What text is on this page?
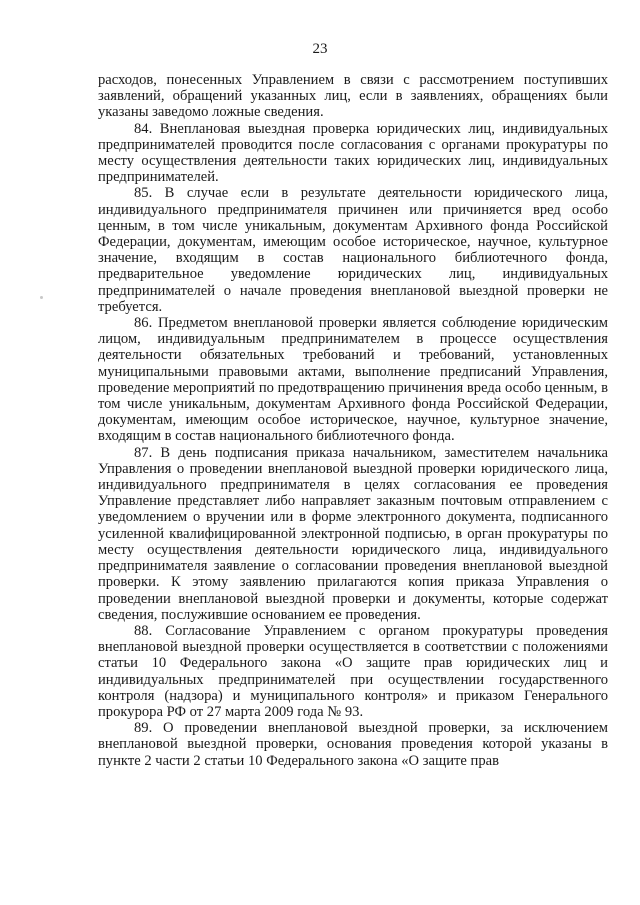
23

расходов, понесенных Управлением в связи с рассмотрением поступивших заявлений, обращений указанных лиц, если в заявлениях, обращениях были указаны заведомо ложные сведения.

84. Внеплановая выездная проверка юридических лиц, индивидуальных предпринимателей проводится после согласования с органами прокуратуры по месту осуществления деятельности таких юридических лиц, индивидуальных предпринимателей.

85. В случае если в результате деятельности юридического лица, индивидуального предпринимателя причинен или причиняется вред особо ценным, в том числе уникальным, документам Архивного фонда Российской Федерации, документам, имеющим особое историческое, научное, культурное значение, входящим в состав национального библиотечного фонда, предварительное уведомление юридических лиц, индивидуальных предпринимателей о начале проведения внеплановой выездной проверки не требуется.

86. Предметом внеплановой проверки является соблюдение юридическим лицом, индивидуальным предпринимателем в процессе осуществления деятельности обязательных требований и требований, установленных муниципальными правовыми актами, выполнение предписаний Управления, проведение мероприятий по предотвращению причинения вреда особо ценным, в том числе уникальным, документам Архивного фонда Российской Федерации, документам, имеющим особое историческое, научное, культурное значение, входящим в состав национального библиотечного фонда.

87. В день подписания приказа начальником, заместителем начальника Управления о проведении внеплановой выездной проверки юридического лица, индивидуального предпринимателя в целях согласования ее проведения Управление представляет либо направляет заказным почтовым отправлением с уведомлением о вручении или в форме электронного документа, подписанного усиленной квалифицированной электронной подписью, в орган прокуратуры по месту осуществления деятельности юридического лица, индивидуального предпринимателя заявление о согласовании проведения внеплановой выездной проверки. К этому заявлению прилагаются копия приказа Управления о проведении внеплановой выездной проверки и документы, которые содержат сведения, послужившие основанием ее проведения.

88. Согласование Управлением с органом прокуратуры проведения внеплановой выездной проверки осуществляется в соответствии с положениями статьи 10 Федерального закона «О защите прав юридических лиц и индивидуальных предпринимателей при осуществлении государственного контроля (надзора) и муниципального контроля» и приказом Генерального прокурора РФ от 27 марта 2009 года № 93.

89. О проведении внеплановой выездной проверки, за исключением внеплановой выездной проверки, основания проведения которой указаны в пункте 2 части 2 статьи 10 Федерального закона «О защите прав
